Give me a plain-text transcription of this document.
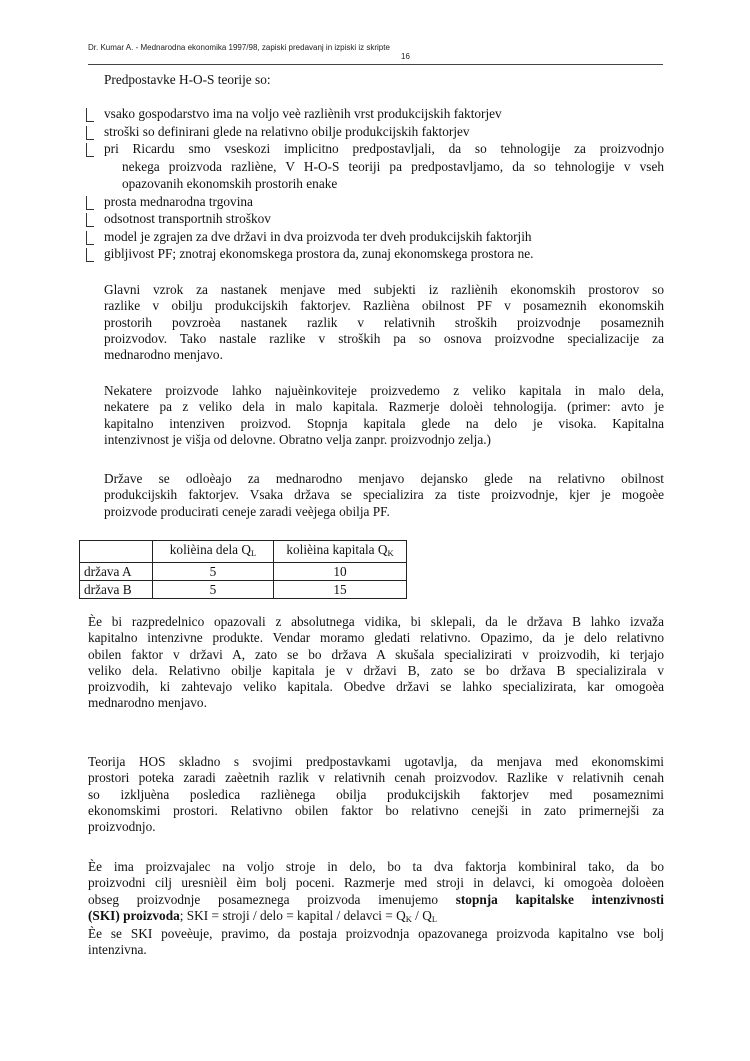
Dr. Kumar A. - Mednarodna ekonomika 1997/98, zapiski predavanj in izpiski iz skripte
16
Predpostavke H-O-S teorije so:
vsako gospodarstvo ima na voljo veè razliènih vrst produkcijskih faktorjev
stroški so definirani glede na relativno obilje produkcijskih faktorjev
pri Ricardu smo vseskozi implicitno predpostavljali, da so tehnologije za proizvodnjo
nekega proizvoda razliène, V H-O-S teoriji pa predpostavljamo, da so tehnologije v vseh
opazovanih ekonomskih prostorih enake
prosta mednarodna trgovina
odsotnost transportnih stroškov
model je zgrajen za dve državi in dva proizvoda ter dveh produkcijskih faktorjih
gibljivost PF; znotraj ekonomskega prostora da, zunaj ekonomskega prostora ne.
Glavni vzrok za nastanek menjave med subjekti iz razliènih ekonomskih prostorov so
razlike v obilju produkcijskih faktorjev. Razlièna obilnost PF v posameznih ekonomskih
prostorih povzroèa nastanek razlik v relativnih stroških proizvodnje posameznih
proizvodov. Tako nastale razlike v stroških pa so osnova proizvodne specializacije za
mednarodno menjavo.
Nekatere proizvode lahko najuèinkoviteje proizvedemo z veliko kapitala in malo dela,
nekatere pa z veliko dela in malo kapitala. Razmerje doloèi tehnologija. (primer: avto je
kapitalno intenziven proizvod. Stopnja kapitala glede na delo je visoka. Kapitalna
intenzivnost je višja od delovne. Obratno velja zanpr. proizvodnjo zelja.)
Države se odloèajo za mednarodno menjavo dejansko glede na relativno obilnost
produkcijskih faktorjev. Vsaka država se specializira za tiste proizvodnje, kjer je mogoèe
proizvode producirati ceneje zaradi veèjega obilja PF.
	kolièina dela $Q_L$	kolièina kapitala $Q_K$
država A	5	10
država B	5	15
Èe bi razpredelnico opazovali z absolutnega vidika, bi sklepali, da le država B lahko izvaža
kapitalno intenzivne produkte. Vendar moramo gledati relativno. Opazimo, da je delo relativno
obilen faktor v državi A, zato se bo država A skušala specializirati v proizvodih, ki terjajo
veliko dela. Relativno obilje kapitala je v državi B, zato se bo država B specializirala v
proizvodih, ki zahtevajo veliko kapitala. Obedve državi se lahko specializirata, kar omogoèa
mednarodno menjavo.
Teorija HOS skladno s svojimi predpostavkami ugotavlja, da menjava med ekonomskimi
prostori poteka zaradi zaèetnih razlik v relativnih cenah proizvodov. Razlike v relativnih cenah
so izkljuèna posledica razliènega obilja produkcijskih faktorjev med posameznimi
ekonomskimi prostori. Relativno obilen faktor bo relativno cenejši in zato primernejši za
proizvodnjo.
Èe ima proizvajalec na voljo stroje in delo, bo ta dva faktorja kombiniral tako, da bo
proizvodni cilj uresnièil èim bolj poceni. Razmerje med stroji in delavci, ki omogoèa doloèen
obseg proizvodnje posameznega proizvoda imenujemo stopnja kapitalske intenzivnosti
(SKI) proizvoda; SKI = stroji / delo = kapital / delavci = $Q_K / Q_L$
Èe se SKI poveèuje, pravimo, da postaja proizvodnja opazovanega proizvoda kapitalno vse bolj
intenzivna.
